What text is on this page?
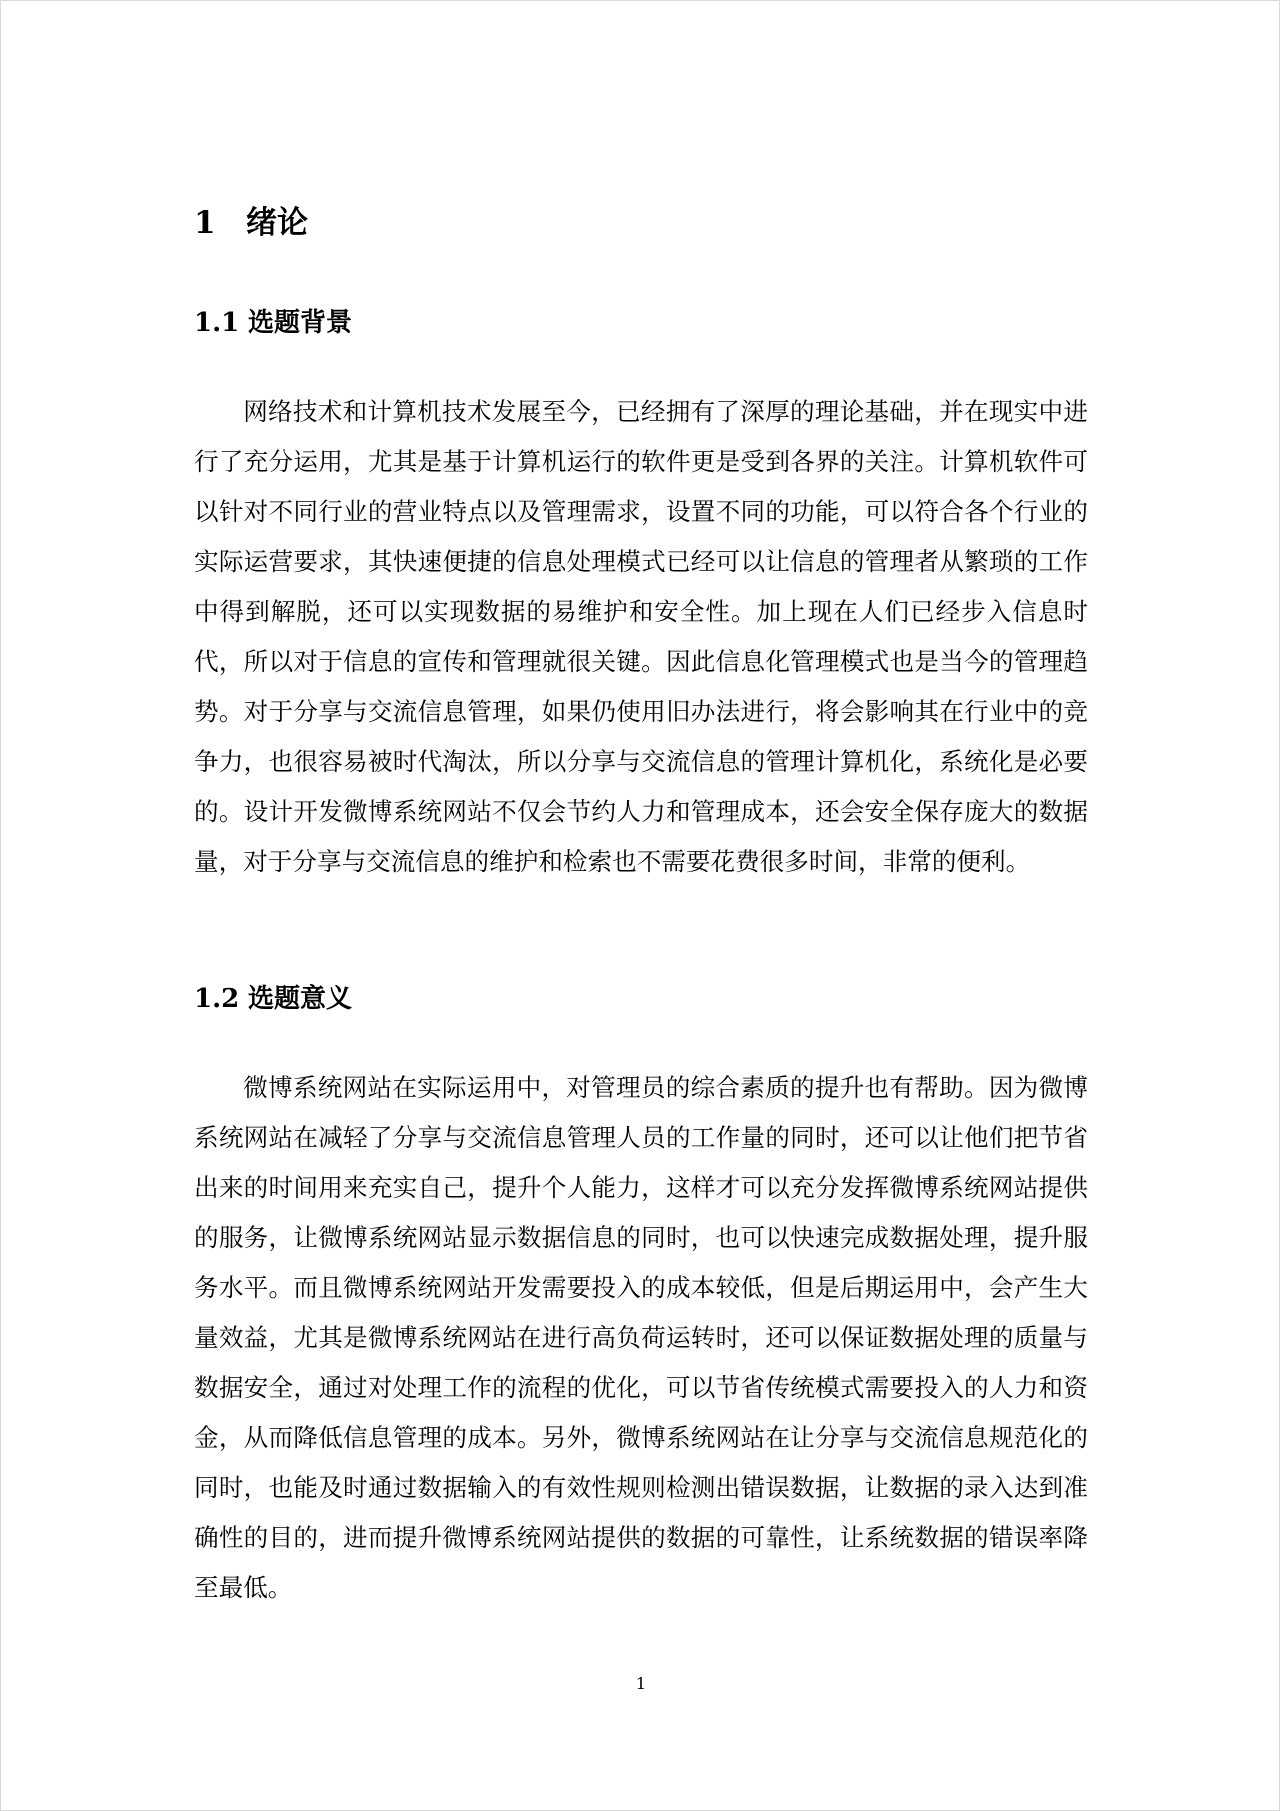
1 绪论
1.1 选题背景

网络技术和计算机技术发展至今，已经拥有了深厚的理论基础，并在现实中进行了充分运用，尤其是基于计算机运行的软件更是受到各界的关注。计算机软件可以针对不同行业的营业特点以及管理需求，设置不同的功能，可以符合各个行业的实际运营要求，其快速便捷的信息处理模式已经可以让信息的管理者从繁琐的工作中得到解脱，还可以实现数据的易维护和安全性。加上现在人们已经步入信息时代，所以对于信息的宣传和管理就很关键。因此信息化管理模式也是当今的管理趋势。对于分享与交流信息管理，如果仍使用旧办法进行，将会影响其在行业中的竞争力，也很容易被时代淘汰，所以分享与交流信息的管理计算机化，系统化是必要的。设计开发微博系统网站不仅会节约人力和管理成本，还会安全保存庞大的数据量，对于分享与交流信息的维护和检索也不需要花费很多时间，非常的便利。

1.2 选题意义

微博系统网站在实际运用中，对管理员的综合素质的提升也有帮助。因为微博系统网站在减轻了分享与交流信息管理人员的工作量的同时，还可以让他们把节省出来的时间用来充实自己，提升个人能力，这样才可以充分发挥微博系统网站提供的服务，让微博系统网站显示数据信息的同时，也可以快速完成数据处理，提升服务水平。而且微博系统网站开发需要投入的成本较低，但是后期运用中，会产生大量效益，尤其是微博系统网站在进行高负荷运转时，还可以保证数据处理的质量与数据安全，通过对处理工作的流程的优化，可以节省传统模式需要投入的人力和资金，从而降低信息管理的成本。另外，微博系统网站在让分享与交流信息规范化的同时，也能及时通过数据输入的有效性规则检测出错误数据，让数据的录入达到准确性的目的，进而提升微博系统网站提供的数据的可靠性，让系统数据的错误率降至最低。

1
